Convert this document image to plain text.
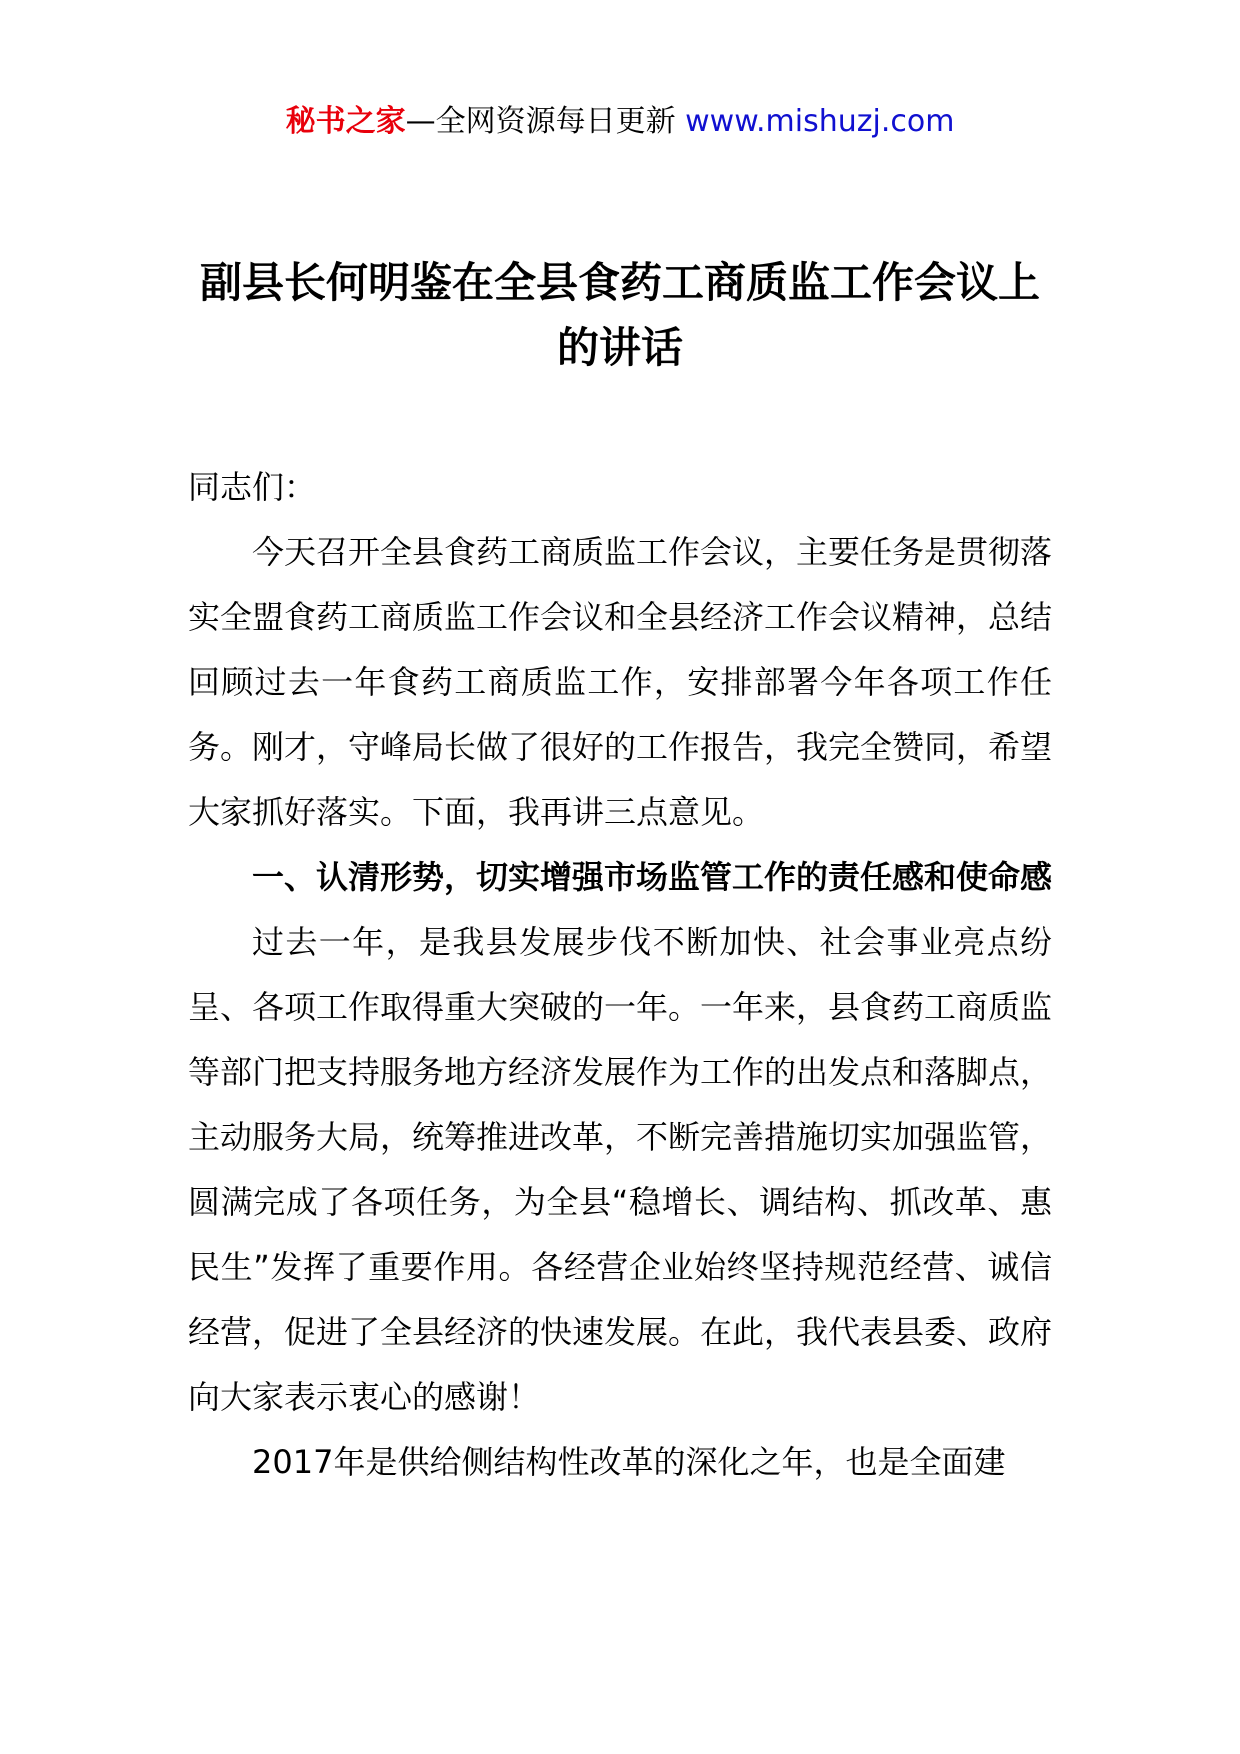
秘书之家—全网资源每日更新 www.mishuzj.com
副县长何明鉴在全县食药工商质监工作会议上的讲话

同志们：

今天召开全县食药工商质监工作会议，主要任务是贯彻落实全盟食药工商质监工作会议和全县经济工作会议精神，总结回顾过去一年食药工商质监工作，安排部署今年各项工作任务。刚才，守峰局长做了很好的工作报告，我完全赞同，希望大家抓好落实。下面，我再讲三点意见。

一、认清形势，切实增强市场监管工作的责任感和使命感

过去一年，是我县发展步伐不断加快、社会事业亮点纷呈、各项工作取得重大突破的一年。一年来，县食药工商质监等部门把支持服务地方经济发展作为工作的出发点和落脚点，主动服务大局，统筹推进改革，不断完善措施切实加强监管，圆满完成了各项任务，为全县“稳增长、调结构、抓改革、惠民生”发挥了重要作用。各经营企业始终坚持规范经营、诚信经营，促进了全县经济的快速发展。在此，我代表县委、政府向大家表示衷心的感谢！

2017年是供给侧结构性改革的深化之年，也是全面建
